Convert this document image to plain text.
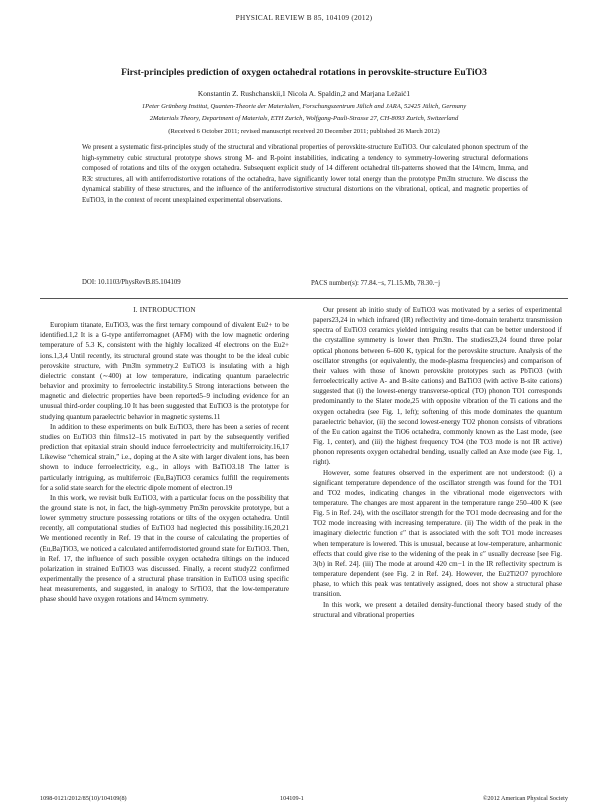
PHYSICAL REVIEW B 85, 104109 (2012)
First-principles prediction of oxygen octahedral rotations in perovskite-structure EuTiO3
Konstantin Z. Rushchanskii,1 Nicola A. Spaldin,2 and Marjana Ležaić1
1Peter Grünberg Institut, Quanten-Theorie der Materialien, Forschungszentrum Jülich and JARA, 52425 Jülich, Germany
2Materials Theory, Department of Materials, ETH Zurich, Wolfgang-Pauli-Strasse 27, CH-8093 Zurich, Switzerland
(Received 6 October 2011; revised manuscript received 20 December 2011; published 26 March 2012)

We present a systematic first-principles study of the structural and vibrational properties of perovskite-structure EuTiO3. Our calculated phonon spectrum of the high-symmetry cubic structural prototype shows strong M- and R-point instabilities, indicating a tendency to symmetry-lowering structural deformations composed of rotations and tilts of the oxygen octahedra. Subsequent explicit study of 14 different octahedral tilt-patterns showed that the I4/mcm, Imma, and R3̄c structures, all with antiferrodistortive rotations of the octahedra, have significantly lower total energy than the prototype Pm3̄m structure. We discuss the dynamical stability of these structures, and the influence of the antiferrodistortive structural distortions on the vibrational, optical, and magnetic properties of EuTiO3, in the context of recent unexplained experimental observations.

DOI: 10.1103/PhysRevB.85.104109
I. INTRODUCTION

Europium titanate, EuTiO3, was the first ternary compound of divalent Eu2+ to be identified.1,2 It is a G-type antiferromagnet (AFM) with the low magnetic ordering temperature of 5.3 K, consistent with the highly localized 4f electrons on the Eu2+ ions.1,3,4 Until recently, its structural ground state was thought to be the ideal cubic perovskite structure, with Pm3̄m symmetry.2 EuTiO3 is insulating with a high dielectric constant (∼400) at low temperature, indicating quantum paraelectric behavior and proximity to ferroelectric instability.5 Strong interactions between the magnetic and dielectric properties have been reported5–9 including evidence for an unusual third-order coupling.10 It has been suggested that EuTiO3 is the prototype for studying quantum paraelectric behavior in magnetic systems.11

In addition to these experiments on bulk EuTiO3, there has been a series of recent studies on EuTiO3 thin films12–15 motivated in part by the subsequently verified prediction that epitaxial strain should induce ferroelectricity and multiferroicity.16,17 Likewise “chemical strain,” i.e., doping at the A site with larger divalent ions, has been shown to induce ferroelectricity, e.g., in alloys with BaTiO3.18 The latter is particularly intriguing, as multiferroic (Eu,Ba)TiO3 ceramics fulfill the requirements for a solid state search for the electric dipole moment of electron.19

In this work, we revisit bulk EuTiO3, with a particular focus on the possibility that the ground state is not, in fact, the high-symmetry Pm3̄m perovskite prototype, but a lower symmetry structure possessing rotations or tilts of the oxygen octahedra. Until recently, all computational studies of EuTiO3 had neglected this possibility.16,20,21 We mentioned recently in Ref. 19 that in the course of calculating the properties of (Eu,Ba)TiO3, we noticed a calculated antiferrodistorted ground state for EuTiO3. Then, in Ref. 17, the influence of such possible oxygen octahedra tiltings on the induced polarization in strained EuTiO3 was discussed. Finally, a recent study22 confirmed experimentally the presence of a structural phase transition in EuTiO3 using specific heat measurements, and suggested, in analogy to SrTiO3, that the low-temperature phase should have oxygen rotations and I4/mcm symmetry.

PACS number(s): 77.84.−s, 71.15.Mb, 78.30.−j

Our present ab initio study of EuTiO3 was motivated by a series of experimental papers23,24 in which infrared (IR) reflectivity and time-domain terahertz transmission spectra of EuTiO3 ceramics yielded intriguing results that can be better understood if the crystalline symmetry is lower then Pm3̄m. The studies23,24 found three polar optical phonons between 6–600 K, typical for the perovskite structure. Analysis of the oscillator strengths (or equivalently, the mode-plasma frequencies) and comparison of their values with those of known perovskite prototypes such as PbTiO3 (with ferroelectrically active A- and B-site cations) and BaTiO3 (with active B-site cations) suggested that (i) the lowest-energy transverse-optical (TO) phonon TO1 corresponds predominantly to the Slater mode,25 with opposite vibration of the Ti cations and the oxygen octahedra (see Fig. 1, left); softening of this mode dominates the quantum paraelectric behavior, (ii) the second lowest-energy TO2 phonon consists of vibrations of the Eu cation against the TiO6 octahedra, commonly known as the Last mode, (see Fig. 1, center), and (iii) the highest frequency TO4 (the TO3 mode is not IR active) phonon represents oxygen octahedral bending, usually called an Axe mode (see Fig. 1, right).

However, some features observed in the experiment are not understood: (i) a significant temperature dependence of the oscillator strength was found for the TO1 and TO2 modes, indicating changes in the vibrational mode eigenvectors with temperature. The changes are most apparent in the temperature range 250–400 K (see Fig. 5 in Ref. 24), with the oscillator strength for the TO1 mode decreasing and for the TO2 mode increasing with increasing temperature. (ii) The width of the peak in the imaginary dielectric function ε″ that is associated with the soft TO1 mode increases when temperature is lowered. This is unusual, because at low-temperature, anharmonic effects that could give rise to the widening of the peak in ε″ usually decrease [see Fig. 3(b) in Ref. 24]. (iii) The mode at around 420 cm−1 in the IR reflectivity spectrum is temperature dependent (see Fig. 2 in Ref. 24). However, the Eu2Ti2O7 pyrochlore phase, to which this peak was tentatively assigned, does not show a structural phase transition.

In this work, we present a detailed density-functional theory based study of the structural and vibrational properties

1098-0121/2012/85(10)/104109(8)	104109-1	©2012 American Physical Society
